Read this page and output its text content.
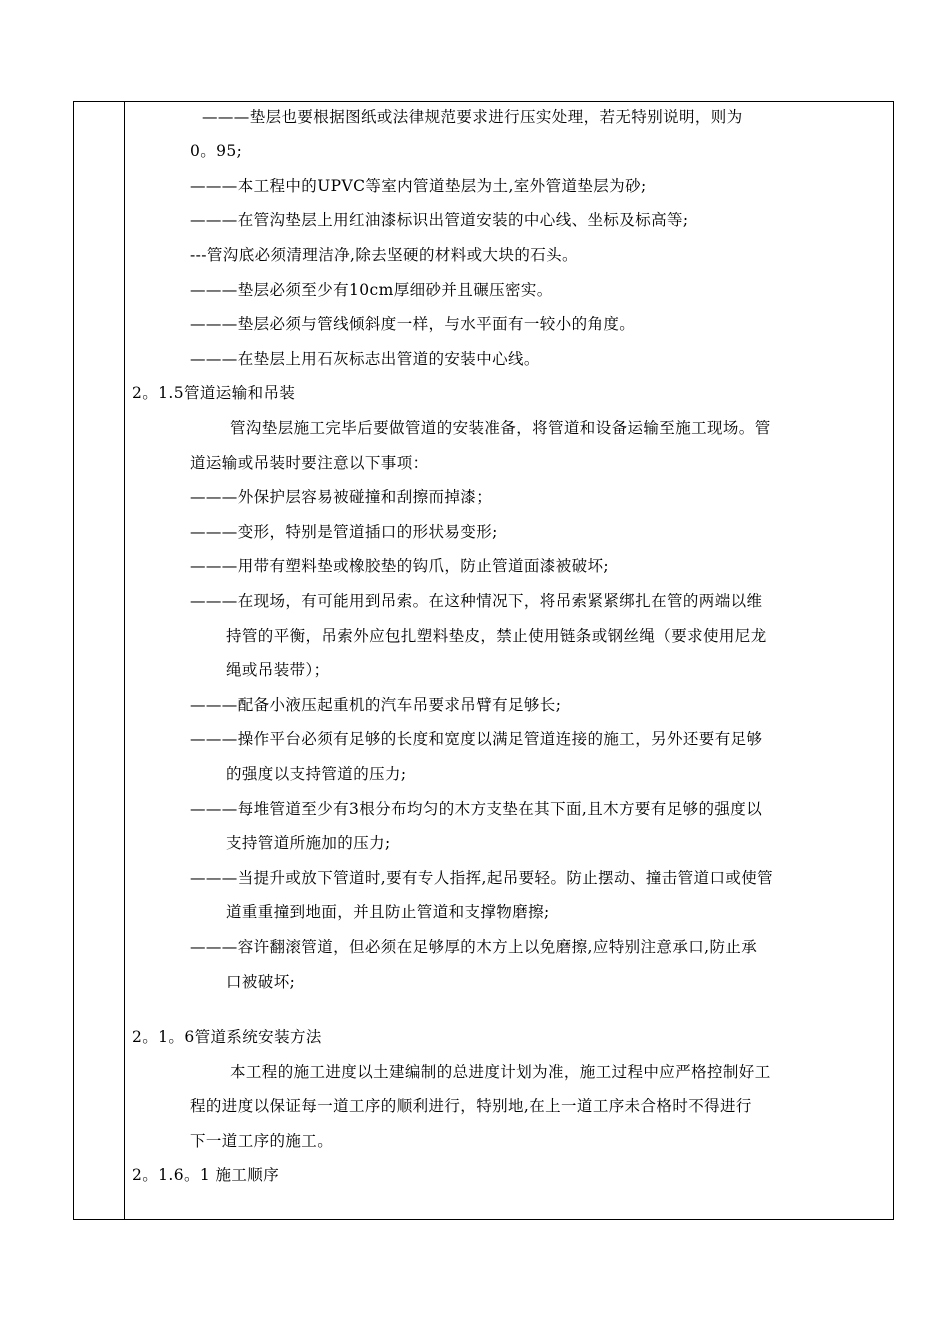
———垫层也要根据图纸或法律规范要求进行压实处理，若无特别说明，则为
0。95;
———本工程中的UPVC等室内管道垫层为土,室外管道垫层为砂;
———在管沟垫层上用红油漆标识出管道安装的中心线、坐标及标高等;
---管沟底必须清理洁净,除去坚硬的材料或大块的石头。
———垫层必须至少有10cm厚细砂并且碾压密实。
———垫层必须与管线倾斜度一样，与水平面有一较小的角度。
———在垫层上用石灰标志出管道的安装中心线。
2。1.5管道运输和吊装
管沟垫层施工完毕后要做管道的安装准备，将管道和设备运输至施工现场。管
道运输或吊装时要注意以下事项：
———外保护层容易被碰撞和刮擦而掉漆；
———变形，特别是管道插口的形状易变形;
———用带有塑料垫或橡胶垫的钩爪，防止管道面漆被破坏;
———在现场，有可能用到吊索。在这种情况下，将吊索紧紧绑扎在管的两端以维
持管的平衡，吊索外应包扎塑料垫皮，禁止使用链条或钢丝绳（要求使用尼龙
绳或吊装带）；
———配备小液压起重机的汽车吊要求吊臂有足够长;
———操作平台必须有足够的长度和宽度以满足管道连接的施工，另外还要有足够
的强度以支持管道的压力;
———每堆管道至少有3根分布均匀的木方支垫在其下面,且木方要有足够的强度以
支持管道所施加的压力;
———当提升或放下管道时,要有专人指挥,起吊要轻。防止摆动、撞击管道口或使管
道重重撞到地面，并且防止管道和支撑物磨擦;
———容许翻滚管道，但必须在足够厚的木方上以免磨擦,应特别注意承口,防止承
口被破坏;
2。1。6管道系统安装方法
本工程的施工进度以土建编制的总进度计划为准，施工过程中应严格控制好工
程的进度以保证每一道工序的顺利进行，特别地,在上一道工序未合格时不得进行
下一道工序的施工。
2。1.6。1 施工顺序
